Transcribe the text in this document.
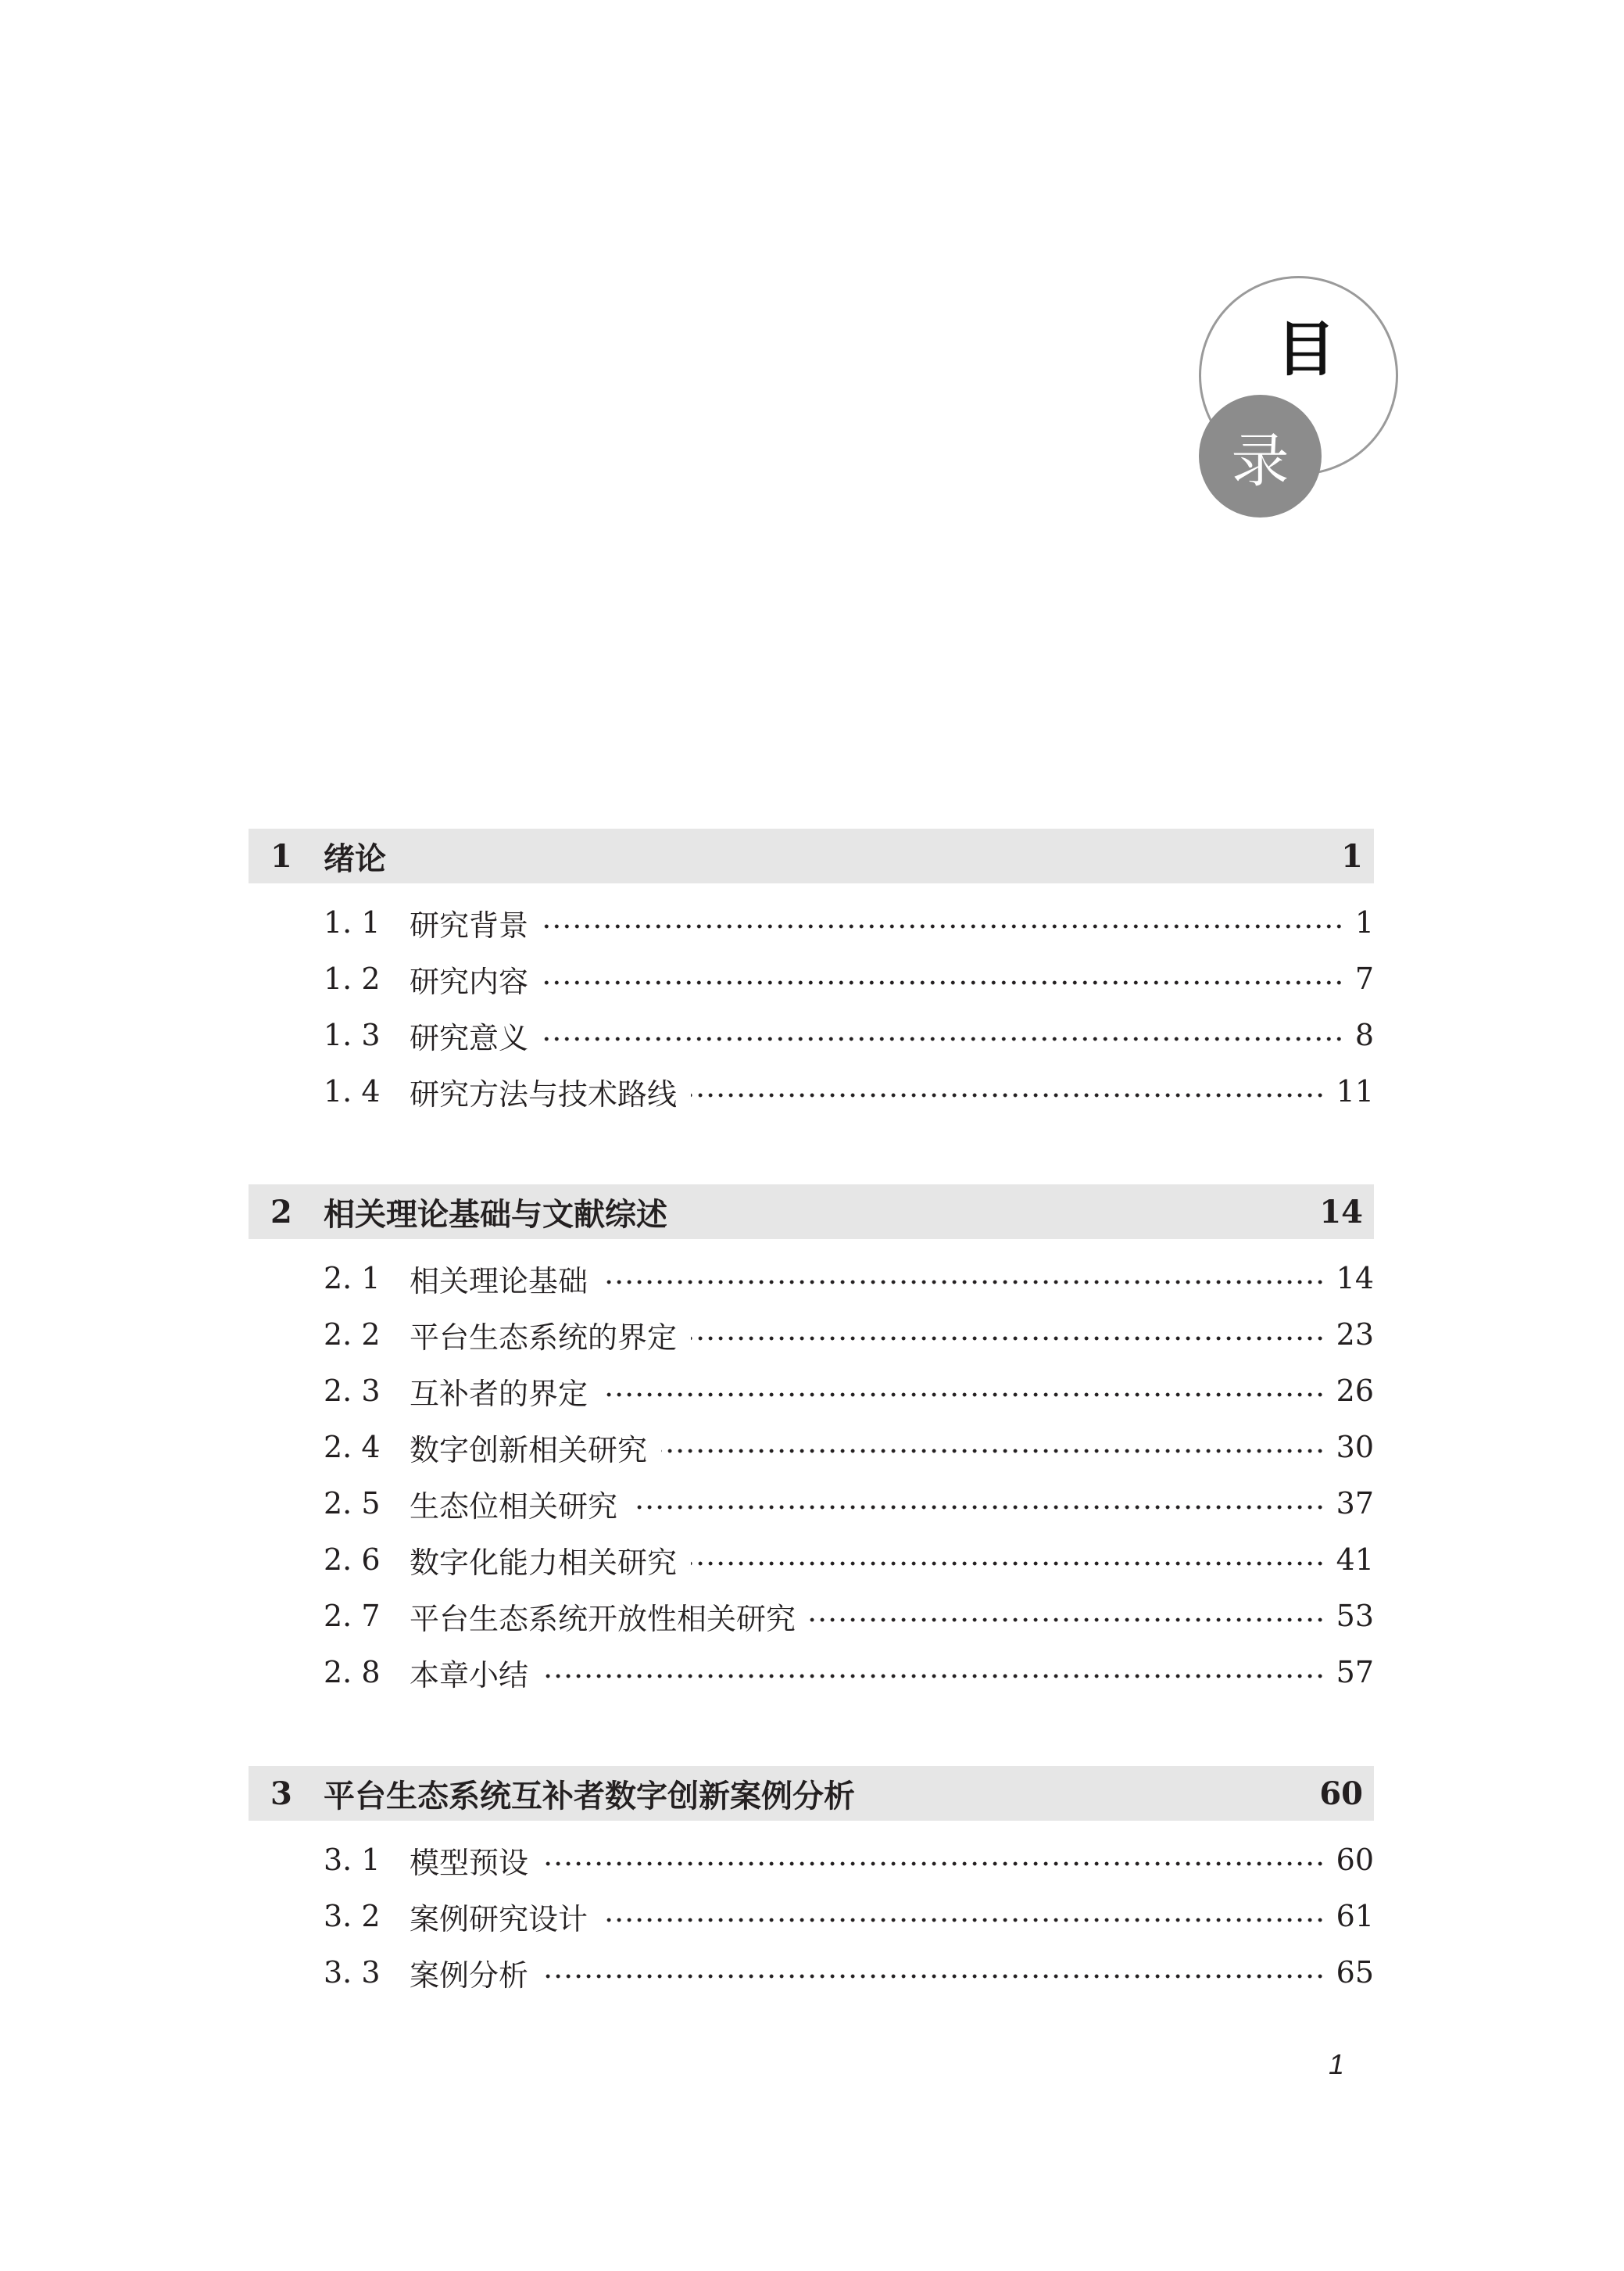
目
录
1	绪论	1
1. 1 研究背景	1
1. 2 研究内容	7
1. 3 研究意义	8
1. 4 研究方法与技术路线	11
2	相关理论基础与文献综述	14
2. 1 相关理论基础	14
2. 2 平台生态系统的界定	23
2. 3 互补者的界定	26
2. 4 数字创新相关研究	30
2. 5 生态位相关研究	37
2. 6 数字化能力相关研究	41
2. 7 平台生态系统开放性相关研究	53
2. 8 本章小结	57
3	平台生态系统互补者数字创新案例分析	60
3. 1 模型预设	60
3. 2 案例研究设计	61
3. 3 案例分析	65
1
